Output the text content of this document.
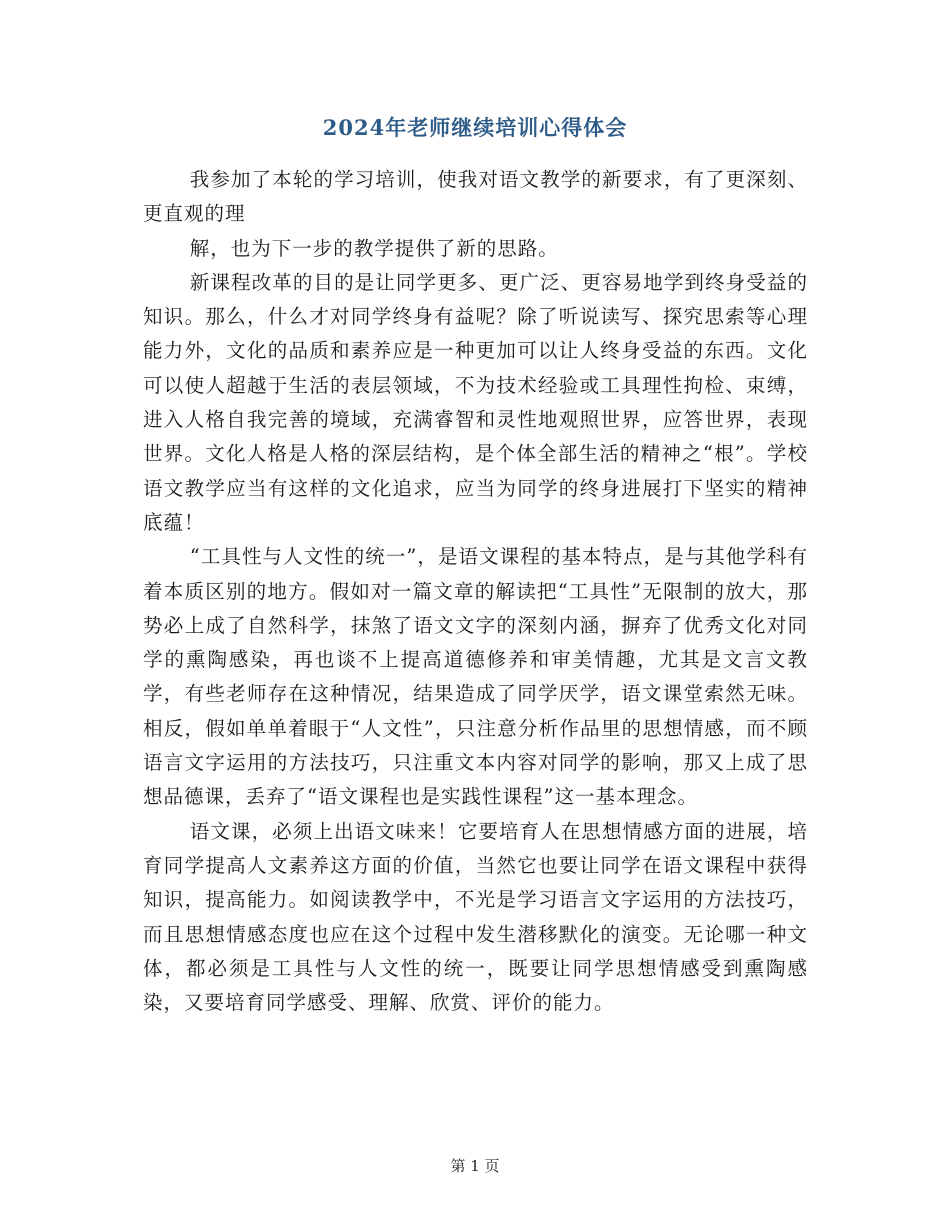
2024年老师继续培训心得体会

我参加了本轮的学习培训，使我对语文教学的新要求，有了更深刻、更直观的理

解，也为下一步的教学提供了新的思路。

新课程改革的目的是让同学更多、更广泛、更容易地学到终身受益的知识。那么，什么才对同学终身有益呢？除了听说读写、探究思索等心理能力外，文化的品质和素养应是一种更加可以让人终身受益的东西。文化可以使人超越于生活的表层领域，不为技术经验或工具理性拘检、束缚，进入人格自我完善的境域，充满睿智和灵性地观照世界，应答世界，表现世界。文化人格是人格的深层结构，是个体全部生活的精神之“根”。学校语文教学应当有这样的文化追求，应当为同学的终身进展打下坚实的精神底蕴！

“工具性与人文性的统一”，是语文课程的基本特点，是与其他学科有着本质区别的地方。假如对一篇文章的解读把“工具性”无限制的放大，那势必上成了自然科学，抹煞了语文文字的深刻内涵，摒弃了优秀文化对同学的熏陶感染，再也谈不上提高道德修养和审美情趣，尤其是文言文教学，有些老师存在这种情况，结果造成了同学厌学，语文课堂索然无味。相反，假如单单着眼于“人文性”，只注意分析作品里的思想情感，而不顾语言文字运用的方法技巧，只注重文本内容对同学的影响，那又上成了思想品德课，丢弃了“语文课程也是实践性课程”这一基本理念。

语文课，必须上出语文味来！它要培育人在思想情感方面的进展，培育同学提高人文素养这方面的价值，当然它也要让同学在语文课程中获得知识，提高能力。如阅读教学中，不光是学习语言文字运用的方法技巧，而且思想情感态度也应在这个过程中发生潜移默化的演变。无论哪一种文体，都必须是工具性与人文性的统一，既要让同学思想情感受到熏陶感染，又要培育同学感受、理解、欣赏、评价的能力。

第 1 页
